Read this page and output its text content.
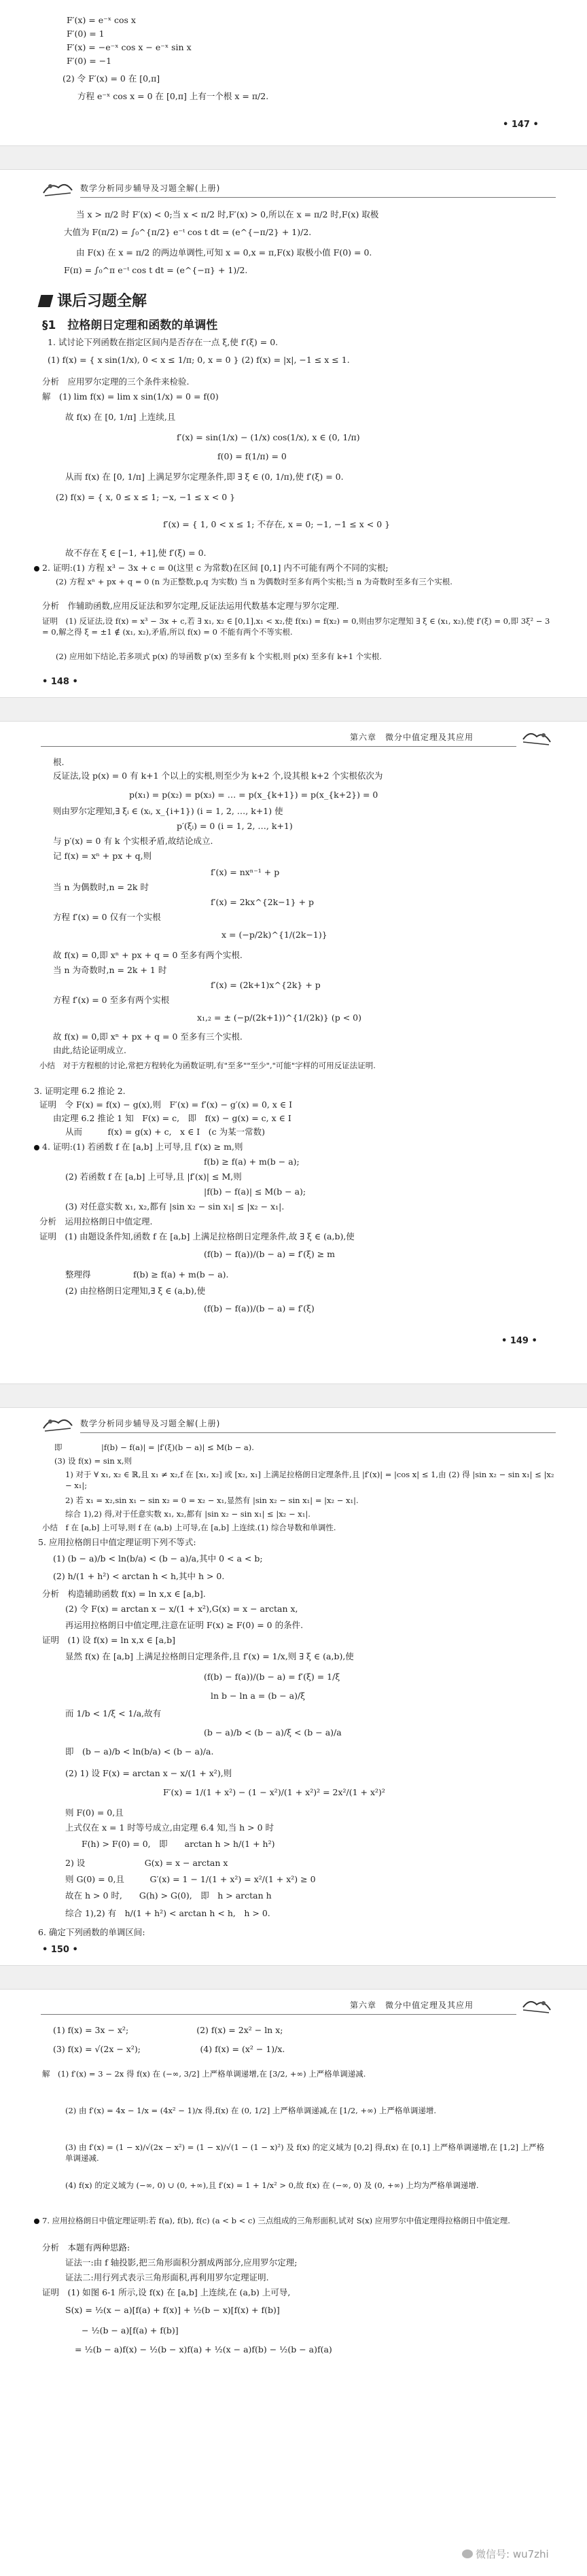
F′(x) = e⁻ˣ cos x
F′(0) = 1
F′(x) = −e⁻ˣ cos x − e⁻ˣ sin x
F′(0) = −1
(2) 令 F′(x) = 0 在 [0,π]
方程 e⁻ˣ cos x = 0 在 [0,π] 上有一个根 x = π/2.
• 147 •
数学分析同步辅导及习题全解(上册)
当 x > π/2 时 F′(x) < 0;当 x < π/2 时,F′(x) > 0,所以在 x = π/2 时,F(x) 取极
大值为 F(π/2) = ∫₀^{π/2} e⁻ᵗ cos t dt = (e^{−π/2} + 1)/2.
由 F(x) 在 x = π/2 的两边单调性,可知 x = 0,x = π,F(x) 取极小值 F(0) = 0.
F(π) = ∫₀^π e⁻ᵗ cos t dt = (e^{−π} + 1)/2.
课后习题全解
§1　拉格朗日定理和函数的单调性
1. 试讨论下列函数在指定区间内是否存在一点 ξ,使 f′(ξ) = 0.
(1) f(x) = { x sin(1/x), 0 < x ≤ 1/π; 0, x = 0 } (2) f(x) = |x|, −1 ≤ x ≤ 1.
分析　应用罗尔定理的三个条件来检验.
解　(1) lim f(x) = lim x sin(1/x) = 0 = f(0)
故 f(x) 在 [0, 1/π] 上连续,且
f′(x) = sin(1/x) − (1/x) cos(1/x), x ∈ (0, 1/π)
f(0) = f(1/π) = 0
从而 f(x) 在 [0, 1/π] 上满足罗尔定理条件,即 ∃ ξ ∈ (0, 1/π),使 f′(ξ) = 0.
(2) f(x) = { x, 0 ≤ x ≤ 1; −x, −1 ≤ x < 0 }
f′(x) = { 1, 0 < x ≤ 1; 不存在, x = 0; −1, −1 ≤ x < 0 }
故不存在 ξ ∈ [−1, +1],使 f′(ξ) = 0.
2. 证明:(1) 方程 x³ − 3x + c = 0(这里 c 为常数)在区间 [0,1] 内不可能有两个不同的实根;
(2) 方程 xⁿ + px + q = 0 (n 为正整数,p,q 为实数) 当 n 为偶数时至多有两个实根;当 n 为奇数时至多有三个实根.
分析　作辅助函数,应用反证法和罗尔定理,反证法运用代数基本定理与罗尔定理.
证明　(1) 反证法,设 f(x) = x³ − 3x + c,若 ∃ x₁, x₂ ∈ [0,1],x₁ < x₂,使 f(x₁) = f(x₂) = 0,则由罗尔定理知 ∃ ξ ∈ (x₁, x₂),使 f′(ξ) = 0,即 3ξ² − 3 = 0,解之得 ξ = ±1 ∉ (x₁, x₂),矛盾,所以 f(x) = 0 不能有两个不等实根.
(2) 应用如下结论,若多项式 p(x) 的导函数 p′(x) 至多有 k 个实根,则 p(x) 至多有 k+1 个实根.
• 148 •
第六章　微分中值定理及其应用
根.
反证法,设 p(x) = 0 有 k+1 个以上的实根,则至少为 k+2 个,设其根 k+2 个实根依次为
p(x₁) = p(x₂) = p(x₃) = … = p(x_{k+1}) = p(x_{k+2}) = 0
则由罗尔定理知,∃ ξᵢ ∈ (xᵢ, x_{i+1}) (i = 1, 2, …, k+1) 使
p′(ξᵢ) = 0 (i = 1, 2, …, k+1)
与 p′(x) = 0 有 k 个实根矛盾,故结论成立.
记 f(x) = xⁿ + px + q,则
f′(x) = nxⁿ⁻¹ + p
当 n 为偶数时,n = 2k 时
f′(x) = 2kx^{2k−1} + p
方程 f′(x) = 0 仅有一个实根
x = (−p/2k)^{1/(2k−1)}
故 f(x) = 0,即 xⁿ + px + q = 0 至多有两个实根.
当 n 为奇数时,n = 2k + 1 时
f′(x) = (2k+1)x^{2k} + p
方程 f′(x) = 0 至多有两个实根
x₁,₂ = ± (−p/(2k+1))^{1/(2k)} (p < 0)
故 f(x) = 0,即 xⁿ + px + q = 0 至多有三个实根.
由此,结论证明成立.
小结　对于方程根的讨论,常把方程转化为函数证明,有"至多""至少","可能"字样的可用反证法证明.
3. 证明定理 6.2 推论 2.
证明　令 F(x) = f(x) − g(x),则　F′(x) = f′(x) − g′(x) = 0, x ∈ I
由定理 6.2 推论 1 知　F(x) = c,　即　f(x) − g(x) = c, x ∈ I
从而　　　f(x) = g(x) + c,　x ∈ I　(c 为某一常数)
4. 证明:(1) 若函数 f 在 [a,b] 上可导,且 f′(x) ≥ m,则
f(b) ≥ f(a) + m(b − a);
(2) 若函数 f 在 [a,b] 上可导,且 |f′(x)| ≤ M,则
|f(b) − f(a)| ≤ M(b − a);
(3) 对任意实数 x₁, x₂,都有 |sin x₂ − sin x₁| ≤ |x₂ − x₁|.
分析　运用拉格朗日中值定理.
证明　(1) 由题设条件知,函数 f 在 [a,b] 上满足拉格朗日定理条件,故 ∃ ξ ∈ (a,b),使
(f(b) − f(a))/(b − a) = f′(ξ) ≥ m
整理得　　　　　f(b) ≥ f(a) + m(b − a).
(2) 由拉格朗日定理知,∃ ξ ∈ (a,b),使
(f(b) − f(a))/(b − a) = f′(ξ)
• 149 •
数学分析同步辅导及习题全解(上册)
即　　　　　|f(b) − f(a)| = |f′(ξ)(b − a)| ≤ M(b − a).
(3) 设 f(x) = sin x,则
1) 对于 ∀ x₁, x₂ ∈ ℝ,且 x₁ ≠ x₂,f 在 [x₁, x₂] 或 [x₂, x₁] 上满足拉格朗日定理条件,且 |f′(x)| = |cos x| ≤ 1,由 (2) 得 |sin x₂ − sin x₁| ≤ |x₂ − x₁|;
2) 若 x₁ = x₂,sin x₁ − sin x₂ = 0 = x₂ − x₁,显然有 |sin x₂ − sin x₁| = |x₂ − x₁|.
综合 1),2) 得,对于任意实数 x₁, x₂,都有 |sin x₂ − sin x₁| ≤ |x₂ − x₁|.
小结　f 在 [a,b] 上可导,则 f 在 (a,b) 上可导,在 [a,b] 上连续.(1) 综合导数和单调性.
5. 应用拉格朗日中值定理证明下列不等式:
(1) (b − a)/b < ln(b/a) < (b − a)/a,其中 0 < a < b;
(2) h/(1 + h²) < arctan h < h,其中 h > 0.
分析　构造辅助函数 f(x) = ln x,x ∈ [a,b].
(2) 令 F(x) = arctan x − x/(1 + x²),G(x) = x − arctan x,
再运用拉格朗日中值定理,注意在证明 F(x) ≥ F(0) = 0 的条件.
证明　(1) 设 f(x) = ln x,x ∈ [a,b]
显然 f(x) 在 [a,b] 上满足拉格朗日定理条件,且 f′(x) = 1/x,则 ∃ ξ ∈ (a,b),使
(f(b) − f(a))/(b − a) = f′(ξ) = 1/ξ
ln b − ln a = (b − a)/ξ
而 1/b < 1/ξ < 1/a,故有
(b − a)/b < (b − a)/ξ < (b − a)/a
即　(b − a)/b < ln(b/a) < (b − a)/a.
(2) 1) 设 F(x) = arctan x − x/(1 + x²),则
F′(x) = 1/(1 + x²) − (1 − x²)/(1 + x²)² = 2x²/(1 + x²)²
则 F(0) = 0,且
上式仅在 x = 1 时等号成立,由定理 6.4 知,当 h > 0 时
F(h) > F(0) = 0,　即　　arctan h > h/(1 + h²)
2) 设　　　　　　　G(x) = x − arctan x
则 G(0) = 0,且　　　G′(x) = 1 − 1/(1 + x²) = x²/(1 + x²) ≥ 0
故在 h > 0 时,　　G(h) > G(0),　即　h > arctan h
综合 1),2) 有　h/(1 + h²) < arctan h < h,　h > 0.
6. 确定下列函数的单调区间:
• 150 •
第六章　微分中值定理及其应用
(1) f(x) = 3x − x²;　　　　　　　　(2) f(x) = 2x² − ln x;
(3) f(x) = √(2x − x²);　　　　　　　(4) f(x) = (x² − 1)/x.
解　(1) f′(x) = 3 − 2x 得 f(x) 在 (−∞, 3/2] 上严格单调递增,在 [3/2, +∞) 上严格单调递减.
(2) 由 f′(x) = 4x − 1/x = (4x² − 1)/x 得,f(x) 在 (0, 1/2] 上严格单调递减,在 [1/2, +∞) 上严格单调递增.
(3) 由 f′(x) = (1 − x)/√(2x − x²) = (1 − x)/√(1 − (1 − x)²) 及 f(x) 的定义域为 [0,2] 得,f(x) 在 [0,1] 上严格单调递增,在 [1,2] 上严格单调递减.
(4) f(x) 的定义域为 (−∞, 0) ∪ (0, +∞),且 f′(x) = 1 + 1/x² > 0,故 f(x) 在 (−∞, 0) 及 (0, +∞) 上均为严格单调递增.
7. 应用拉格朗日中值定理证明:若 f(a), f(b), f(c) (a < b < c) 三点组成的三角形面积,试对 S(x) 应用罗尔中值定理得拉格朗日中值定理.
分析　本题有两种思路:
证法一:由 f 轴投影,把三角形面积分割成两部分,应用罗尔定理;
证法二:用行列式表示三角形面积,再利用罗尔定理证明.
证明　(1) 如图 6-1 所示,设 f(x) 在 [a,b] 上连续,在 (a,b) 上可导,
S(x) = ½(x − a)[f(a) + f(x)] + ½(b − x)[f(x) + f(b)]
− ½(b − a)[f(a) + f(b)]
= ½(b − a)f(x) − ½(b − x)f(a) + ½(x − a)f(b) − ½(b − a)f(a)
微信号: wu7zhi
